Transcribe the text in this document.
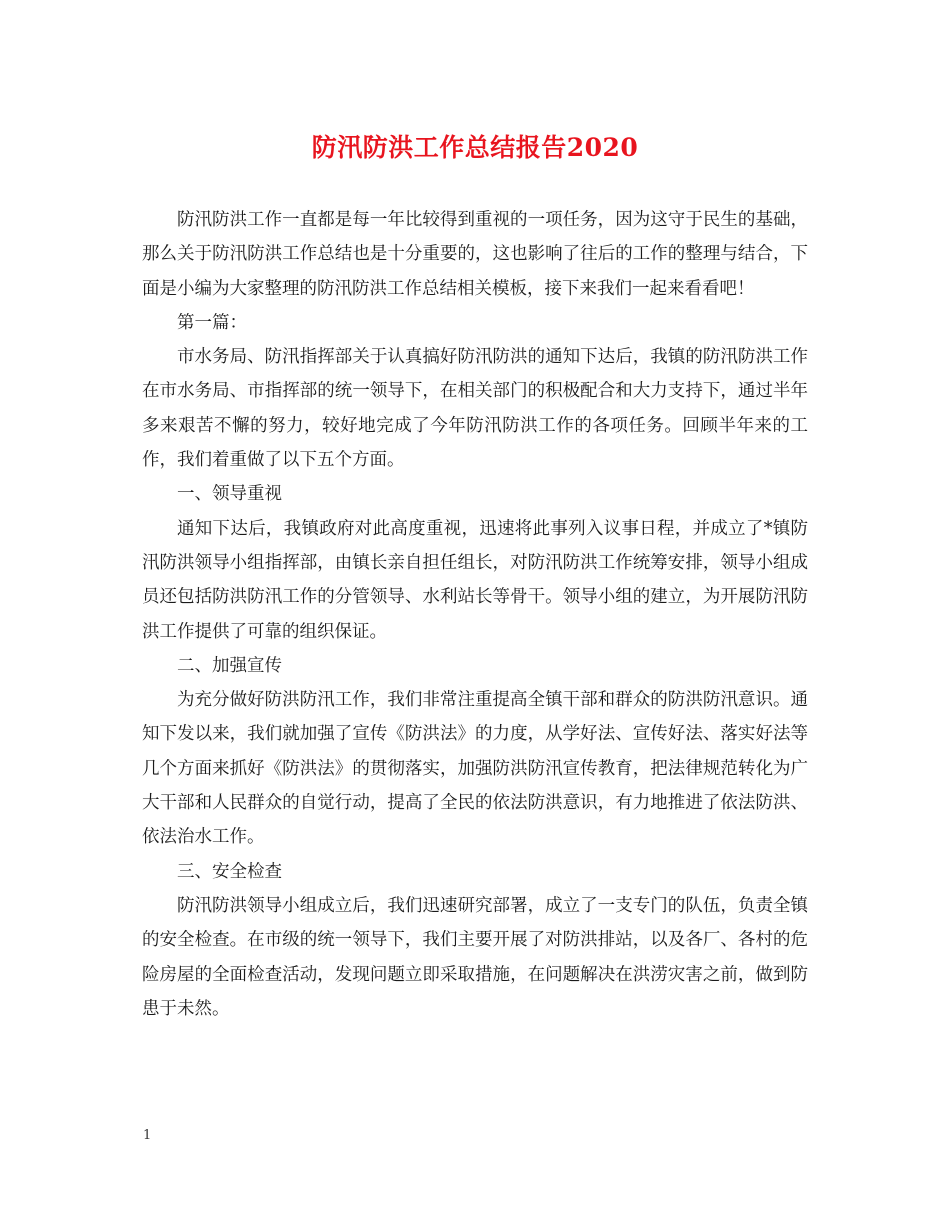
防汛防洪工作总结报告2020

防汛防洪工作一直都是每一年比较得到重视的一项任务，因为这守于民生的基础，那么关于防汛防洪工作总结也是十分重要的，这也影响了往后的工作的整理与结合，下面是小编为大家整理的防汛防洪工作总结相关模板，接下来我们一起来看看吧！

第一篇：

市水务局、防汛指挥部关于认真搞好防汛防洪的通知下达后，我镇的防汛防洪工作在市水务局、市指挥部的统一领导下，在相关部门的积极配合和大力支持下，通过半年多来艰苦不懈的努力，较好地完成了今年防汛防洪工作的各项任务。回顾半年来的工作，我们着重做了以下五个方面。

一、领导重视

通知下达后，我镇政府对此高度重视，迅速将此事列入议事日程，并成立了*镇防汛防洪领导小组指挥部，由镇长亲自担任组长，对防汛防洪工作统筹安排，领导小组成员还包括防洪防汛工作的分管领导、水利站长等骨干。领导小组的建立，为开展防汛防洪工作提供了可靠的组织保证。

二、加强宣传

为充分做好防洪防汛工作，我们非常注重提高全镇干部和群众的防洪防汛意识。通知下发以来，我们就加强了宣传《防洪法》的力度，从学好法、宣传好法、落实好法等几个方面来抓好《防洪法》的贯彻落实，加强防洪防汛宣传教育，把法律规范转化为广大干部和人民群众的自觉行动，提高了全民的依法防洪意识，有力地推进了依法防洪、依法治水工作。

三、安全检查

防汛防洪领导小组成立后，我们迅速研究部署，成立了一支专门的队伍，负责全镇的安全检查。在市级的统一领导下，我们主要开展了对防洪排站，以及各厂、各村的危险房屋的全面检查活动，发现问题立即采取措施，在问题解决在洪涝灾害之前，做到防患于未然。

1
